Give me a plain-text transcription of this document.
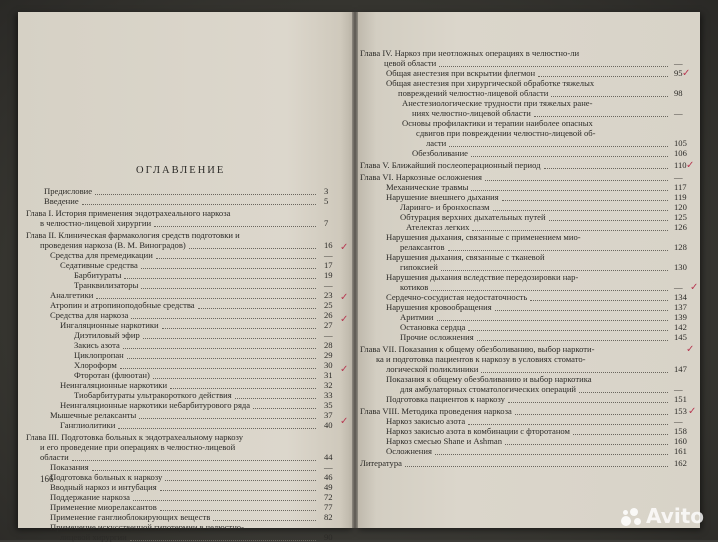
ОГЛАВЛЕНИЕ
166
Предисловие	3
Введение	5
Глава I. История применения эндотрахеального наркоза
в челюстно-лицевой хирургии	7
Глава II. Клиническая фармакология средств подготовки и
проведения наркоза (В. М. Виноградов)	16
Средства для премедикации	—
Седативные средства	17
Барбитураты	19
Транквилизаторы	—
Аналгетики	23
Атропин и атропиноподобные средства	25
Средства для наркоза	26
Ингаляционные наркотики	27
Диэтиловый эфир	—
Закись азота	28
Циклопропан	29
Хлороформ	30
Фторотан (флюотан)	31
Неингаляционные наркотики	32
Тиобарбитураты ультракороткого действия	33
Неингаляционные наркотики небарбитурового ряда	35
Мышечные релаксанты	37
Ганглиолитики	40
Глава III. Подготовка больных к эндотрахеальному наркозу
и его проведение при операциях в челюстно-лицевой
области	44
Показания	—
Подготовка больных к наркозу	46
Вводный наркоз и интубация	49
Поддержание наркоза	72
Применение миорелаксантов	77
Применение ганглиоблокирующих веществ	82
Применение искусственной гипотермии в челюстно-
лицевой хирургии	90
✓
✓
✓
✓
✓
Глава IV. Наркоз при неотложных операциях в челюстно-ли
цевой области	—
Общая анестезия при вскрытии флегмон	95
Общая анестезия при хирургической обработке тяжелых
повреждений челюстно-лицевой области	98
Анестезиологические трудности при тяжелых ране-
ниях челюстно-лицевой области	—
Основы профилактики и терапии наиболее опасных
сдвигов при повреждении челюстно-лицевой об-
ласти	105
Обезболивание	106
Глава V. Ближайший послеоперационный период	110
Глава VI. Наркозные осложнения	—
Механические травмы	117
Нарушение внешнего дыхания	119
Ларинго- и бронхоспазм	120
Обтурация верхних дыхательных путей	125
Ателектаз легких	126
Нарушения дыхания, связанные с применением мио-
релаксантов	128
Нарушения дыхания, связанные с тканевой
гипоксией	130
Нарушения дыхания вследствие передозировки нар-
котиков	—
Сердечно-сосудистая недостаточность	134
Нарушения кровообращения	137
Аритмии	139
Остановка сердца	142
Прочие осложнения	145
Глава VII. Показания к общему обезболиванию, выбор наркоти-
ка и подготовка пациентов к наркозу в условиях стомато-
логической поликлиники	147
Показания к общему обезболиванию и выбор наркотика
для амбулаторных стоматологических операций	—
Подготовка пациентов к наркозу	151
Глава VIII. Методика проведения наркоза	153
Наркоз закисью азота	—
Наркоз закисью азота в комбинации с фторотаном	158
Наркоз смесью Shane и Ashman	160
Осложнения	161
Литература	162
✓
✓
✓
✓
✓
Avito
